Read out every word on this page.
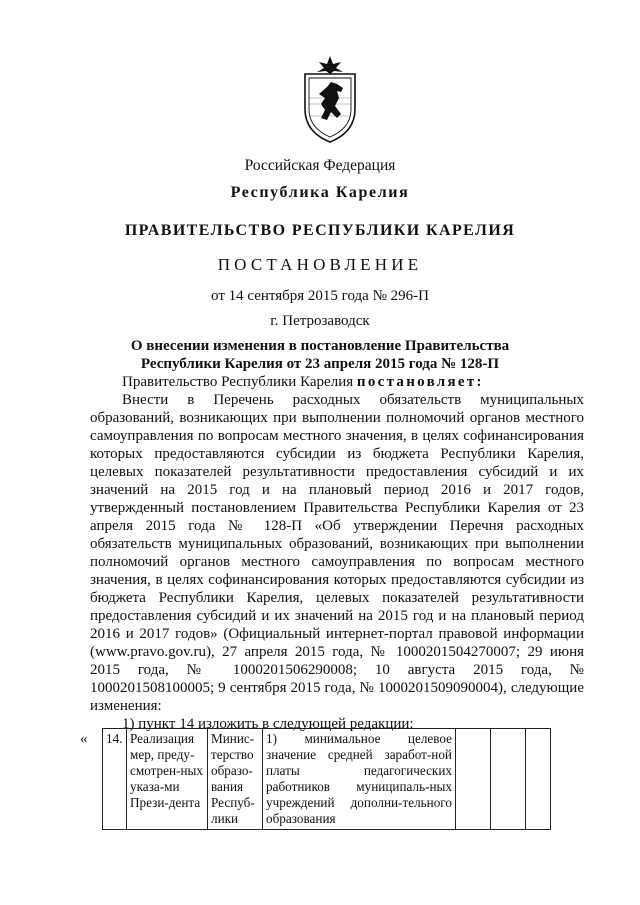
Российская Федерация
Республика Карелия
ПРАВИТЕЛЬСТВО РЕСПУБЛИКИ КАРЕЛИЯ
ПОСТАНОВЛЕНИЕ
от 14 сентября 2015 года № 296-П
г. Петрозаводск
О внесении изменения в постановление Правительства
Республики Карелия от 23 апреля 2015 года № 128-П

Правительство Республики Карелия постановляет:

Внести в Перечень расходных обязательств муниципальных образований, возникающих при выполнении полномочий органов местного самоуправления по вопросам местного значения, в целях софинансирования которых предоставляются субсидии из бюджета Республики Карелия, целевых показателей результативности предоставления субсидий и их значений на 2015 год и на плановый период 2016 и 2017 годов, утвержденный постановлением Правительства Республики Карелия от 23 апреля 2015 года № 128-П «Об утверждении Перечня расходных обязательств муниципальных образований, возникающих при выполнении полномочий органов местного самоуправления по вопросам местного значения, в целях софинансирования которых предоставляются субсидии из бюджета Республики Карелия, целевых показателей результативности предоставления субсидий и их значений на 2015 год и на плановый период 2016 и 2017 годов» (Официальный интернет-портал правовой информации (www.pravo.gov.ru), 27 апреля 2015 года, № 1000201504270007; 29 июня 2015 года, № 1000201506290008; 10 августа 2015 года, № 1000201508100005; 9 сентября 2015 года, № 1000201509090004), следующие изменения:

1) пункт 14 изложить в следующей редакции:

« 14.	Реализация мер, преду-смотрен-ных указа-ми Прези-дента	Минис-терство образо-вания Респуб-лики	1) минимальное целевое значение средней заработ-ной платы педагогических работников муниципаль-ных учреждений дополни-тельного образования			
